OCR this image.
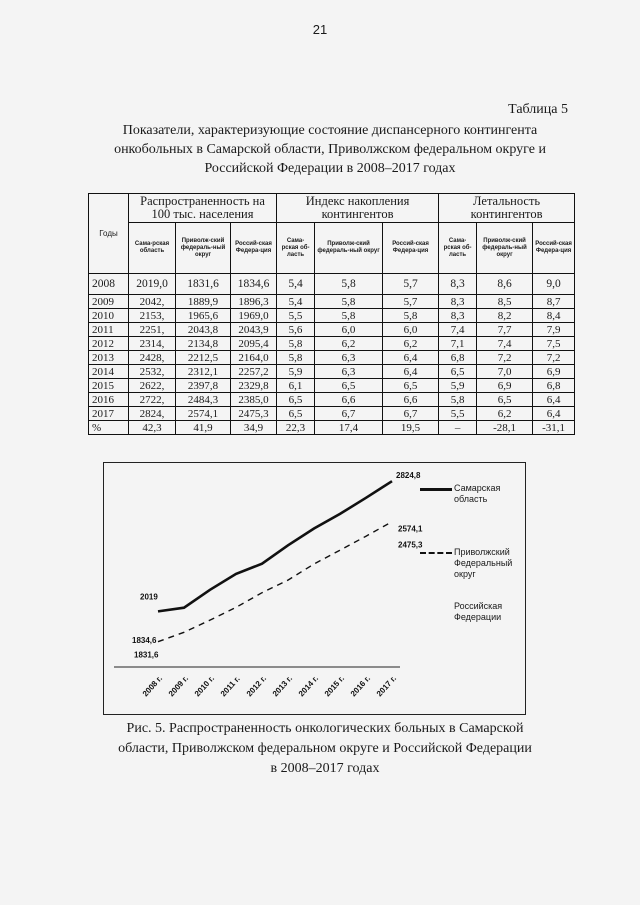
21
Таблица 5
Показатели, характеризующие состояние диспансерного контингента
онкобольных в Самарской области, Приволжском федеральном округе и
Российской Федерации в 2008–2017 годах
Годы	Распространенность на 100 тыс. населения			Индекс накопления контингентов			Летальность контингентов		
	Сама-рская область	Приволж-ский федераль-ный округ	Россий-ская Федера-ция	Сама-рская об-ласть	Приволж-ский федераль-ный округ	Россий-ская Федера-ция	Сама-рская об-ласть	Приволж-ский федераль-ный округ	Россий-ская Федера-ция
2008	2019,0	1831,6	1834,6	5,4	5,8	5,7	8,3	8,6	9,0
2009	2042,	1889,9	1896,3	5,4	5,8	5,7	8,3	8,5	8,7
2010	2153,	1965,6	1969,0	5,5	5,8	5,8	8,3	8,2	8,4
2011	2251,	2043,8	2043,9	5,6	6,0	6,0	7,4	7,7	7,9
2012	2314,	2134,8	2095,4	5,8	6,2	6,2	7,1	7,4	7,5
2013	2428,	2212,5	2164,0	5,8	6,3	6,4	6,8	7,2	7,2
2014	2532,	2312,1	2257,2	5,9	6,3	6,4	6,5	7,0	6,9
2015	2622,	2397,8	2329,8	6,1	6,5	6,5	5,9	6,9	6,8
2016	2722,	2484,3	2385,0	6,5	6,6	6,6	5,8	6,5	6,4
2017	2824,	2574,1	2475,3	6,5	6,7	6,7	5,5	6,2	6,4
%	42,3	41,9	34,9	22,3	17,4	19,5	–	-28,1	-31,1
2008 г. 2009 г. 2010 г. 2011 г. 2012 г. 2013 г. 2014 г. 2015 г. 2016 г. 2017 г.
2824,8
2574,1
2475,3
2019
1834,6
1831,6
Самарская область
Приволжский Федеральный округ
Российская Федерации
Рис. 5. Распространенность онкологических больных в Самарской
области, Приволжском федеральном округе и Российской Федерации
в 2008–2017 годах
